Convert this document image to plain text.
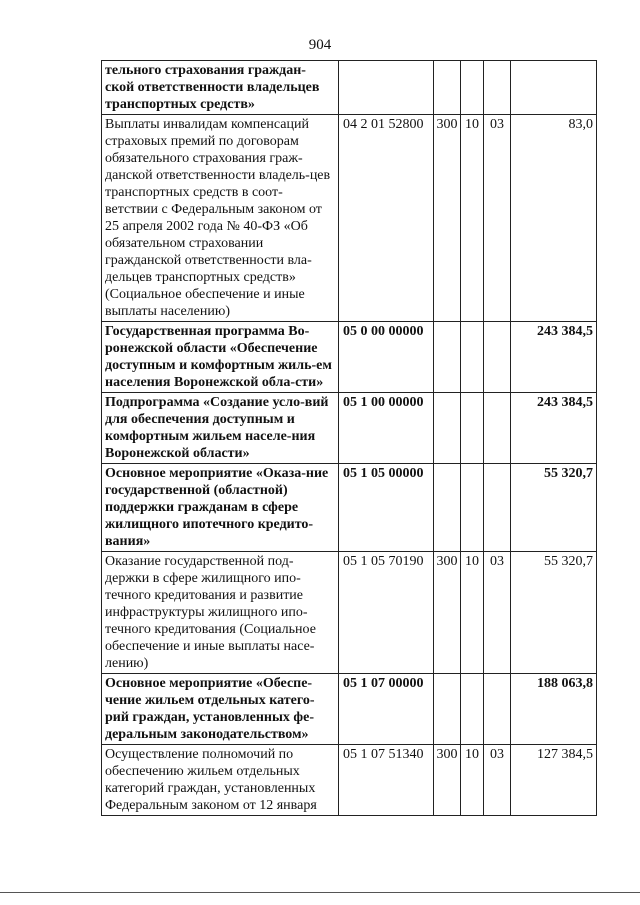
904
тельного страхования граждан-ской ответственности владельцев транспортных средств»					
Выплаты инвалидам компенсаций страховых премий по договорам обязательного страхования граж-данской ответственности владель-цев транспортных средств в соот-ветствии с Федеральным законом от 25 апреля 2002 года № 40-ФЗ «Об обязательном страховании гражданской ответственности вла-дельцев транспортных средств» (Социальное обеспечение и иные выплаты населению)	04 2 01 52800	300	10	03	83,0
Государственная программа Во-ронежской области «Обеспечение доступным и комфортным жиль-ем населения Воронежской обла-сти»	05 0 00 00000				243 384,5
Подпрограмма «Создание усло-вий для обеспечения доступным и комфортным жильем населе-ния Воронежской области»	05 1 00 00000				243 384,5
Основное мероприятие «Оказа-ние государственной (областной) поддержки гражданам в сфере жилищного ипотечного кредито-вания»	05 1 05 00000				55 320,7
Оказание государственной под-держки в сфере жилищного ипо-течного кредитования и развитие инфраструктуры жилищного ипо-течного кредитования (Социальное обеспечение и иные выплаты насе-лению)	05 1 05 70190	300	10	03	55 320,7
Основное мероприятие «Обеспе-чение жильем отдельных катего-рий граждан, установленных фе-деральным законодательством»	05 1 07 00000				188 063,8
Осуществление полномочий по обеспечению жильем отдельных категорий граждан, установленных Федеральным законом от 12 января	05 1 07 51340	300	10	03	127 384,5
